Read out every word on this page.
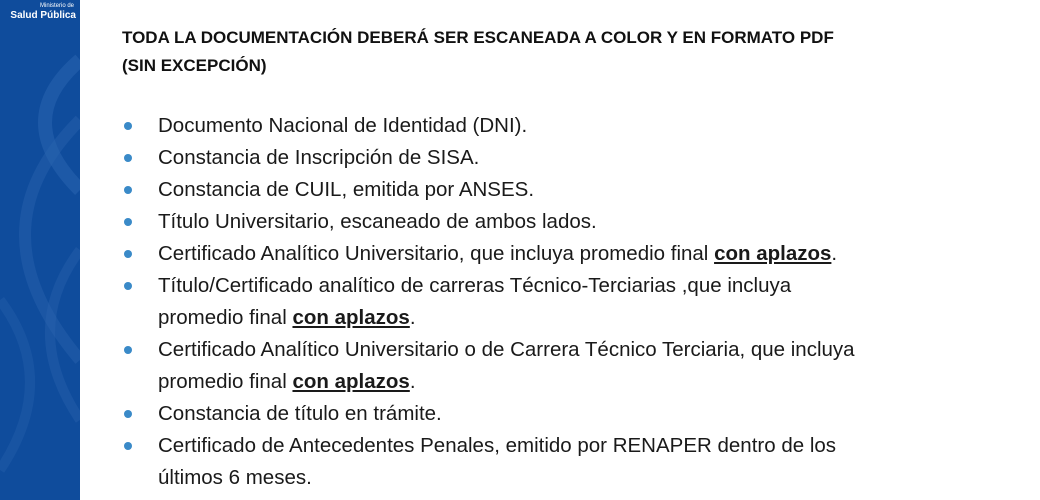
Ministerio de
Salud Pública
TODA LA DOCUMENTACIÓN DEBERÁ SER ESCANEADA A COLOR Y EN FORMATO PDF
(SIN EXCEPCIÓN)
Documento Nacional de Identidad (DNI).
Constancia de Inscripción de SISA.
Constancia de CUIL, emitida por ANSES.
Título Universitario, escaneado de ambos lados.
Certificado Analítico Universitario, que incluya promedio final con aplazos.
Título/Certificado analítico de carreras Técnico-Terciarias ,que incluya
promedio final con aplazos.
Certificado Analítico Universitario o de Carrera Técnico Terciaria, que incluya
promedio final con aplazos.
Constancia de título en trámite.
Certificado de Antecedentes Penales, emitido por RENAPER dentro de los
últimos 6 meses.
